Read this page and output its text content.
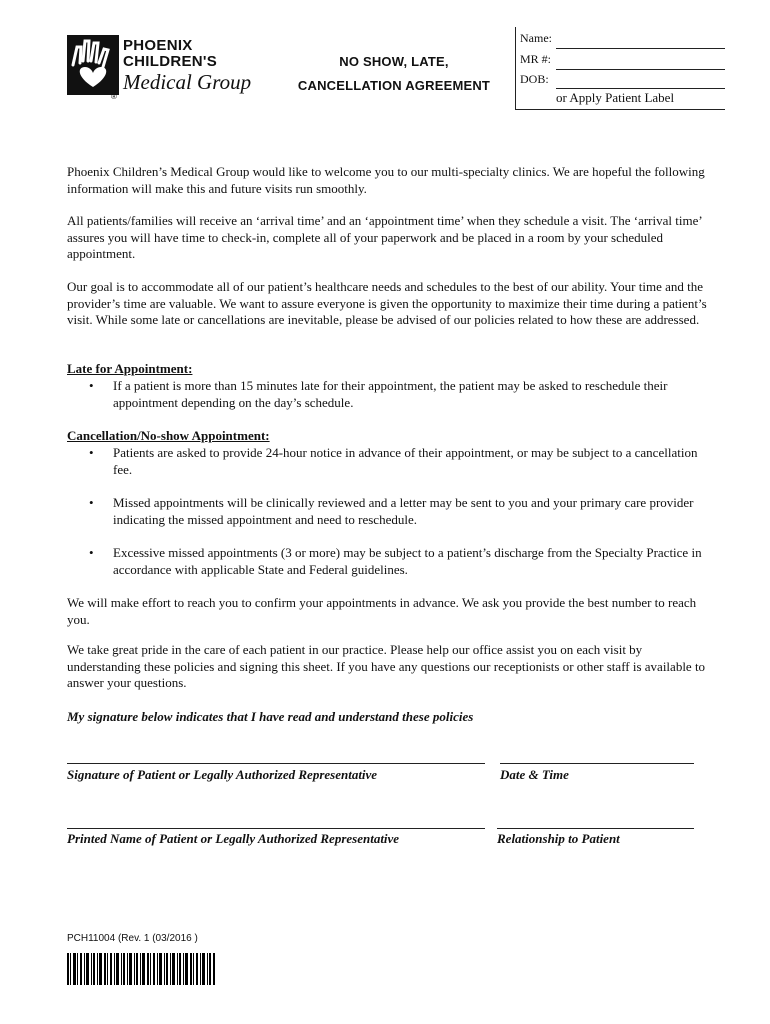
PHOENIX
CHILDREN'S
Medical Group
®
NO SHOW, LATE,
CANCELLATION AGREEMENT
Name:
MR #:
DOB:
or Apply Patient Label

Phoenix Children’s Medical Group would like to welcome you to our multi-specialty clinics. We are hopeful the following information will make this and future visits run smoothly.

All patients/families will receive an ‘arrival time’ and an ‘appointment time’ when they schedule a visit. The ‘arrival time’ assures you will have time to check-in, complete all of your paperwork and be placed in a room by your scheduled appointment.

Our goal is to accommodate all of our patient’s healthcare needs and schedules to the best of our ability. Your time and the provider’s time are valuable. We want to assure everyone is given the opportunity to maximize their time during a patient’s visit. While some late or cancellations are inevitable, please be advised of our policies related to how these are addressed.

Late for Appointment:
• If a patient is more than 15 minutes late for their appointment, the patient may be asked to reschedule their appointment depending on the day’s schedule.

Cancellation/No-show Appointment:
• Patients are asked to provide 24-hour notice in advance of their appointment, or may be subject to a cancellation fee.

• Missed appointments will be clinically reviewed and a letter may be sent to you and your primary care provider indicating the missed appointment and need to reschedule.

• Excessive missed appointments (3 or more) may be subject to a patient’s discharge from the Specialty Practice in accordance with applicable State and Federal guidelines.

We will make effort to reach you to confirm your appointments in advance. We ask you provide the best number to reach you.

We take great pride in the care of each patient in our practice. Please help our office assist you on each visit by understanding these policies and signing this sheet. If you have any questions our receptionists or other staff is available to answer your questions.

My signature below indicates that I have read and understand these policies
Signature of Patient or Legally Authorized Representative	Date & Time
Printed Name of Patient or Legally Authorized Representative	Relationship to Patient
PCH11004 (Rev. 1 (03/2016 )
